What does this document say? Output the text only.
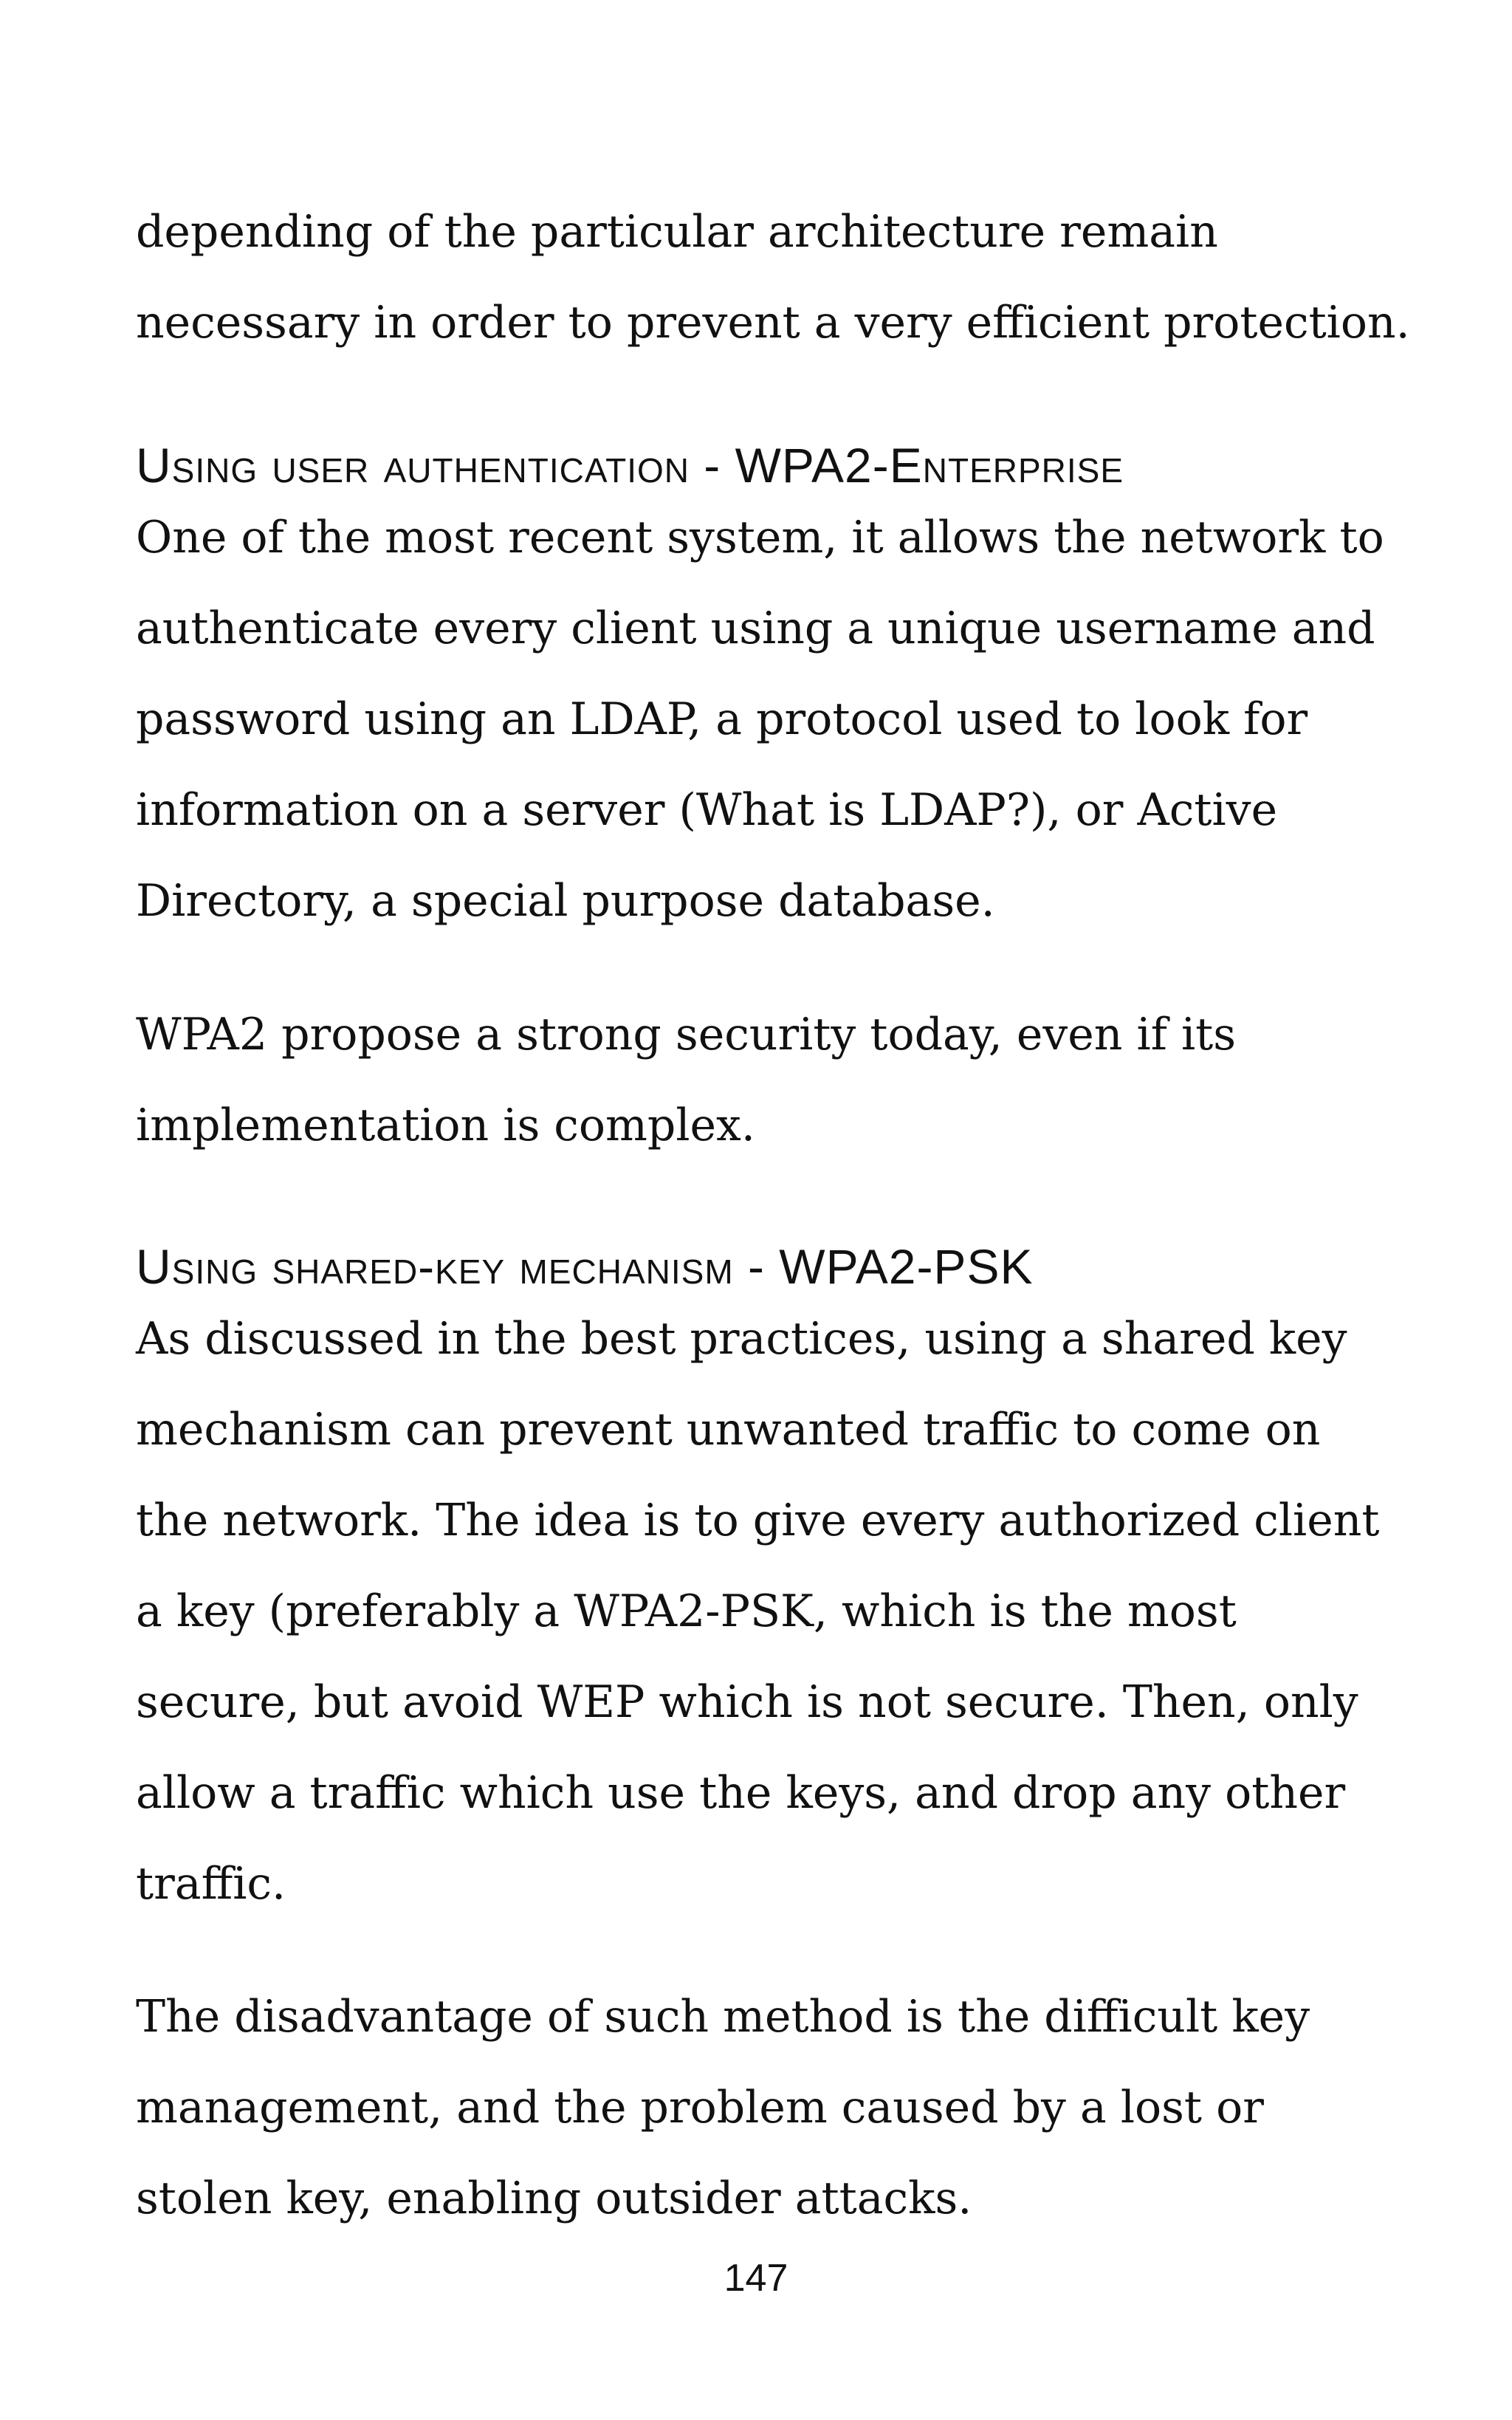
depending of the particular architecture remain
necessary in order to prevent a very efficient protection.

Using user authentication - WPA2-Enterprise

One of the most recent system, it allows the network to
authenticate every client using a unique username and
password using an LDAP, a protocol used to look for
information on a server (What is LDAP?), or Active
Directory, a special purpose database.

WPA2 propose a strong security today, even if its
implementation is complex.

Using shared-key mechanism - WPA2-PSK

As discussed in the best practices, using a shared key
mechanism can prevent unwanted traffic to come on
the network. The idea is to give every authorized client
a key (preferably a WPA2-PSK, which is the most
secure, but avoid WEP which is not secure. Then, only
allow a traffic which use the keys, and drop any other
traffic.

The disadvantage of such method is the difficult key
management, and the problem caused by a lost or
stolen key, enabling outsider attacks.

147
